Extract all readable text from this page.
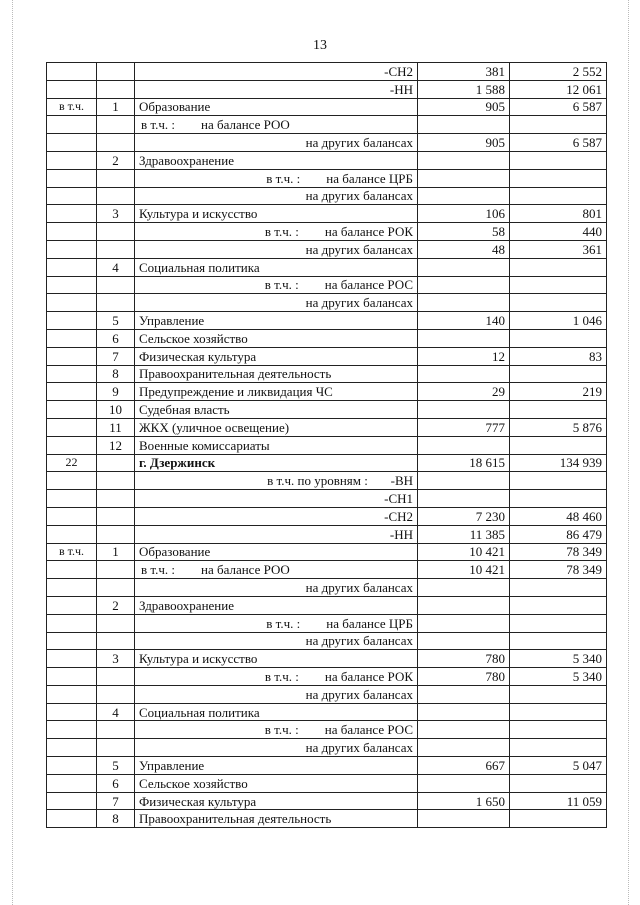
13
		-СН2	381	2 552
		-НН	1 588	12 061
в т.ч.	1	Образование	905	6 587
		в т.ч. :        на балансе РОО		
		на других балансах	905	6 587
	2	Здравоохранение		
		в т.ч. :        на балансе ЦРБ		
		на других балансах		
	3	Культура и искусство	106	801
		в т.ч. :        на балансе РОК	58	440
		на других балансах	48	361
	4	Социальная политика		
		в т.ч. :        на балансе РОС		
		на других балансах		
	5	Управление	140	1 046
	6	Сельское хозяйство		
	7	Физическая культура	12	83
	8	Правоохранительная деятельность		
	9	Предупреждение и ликвидация ЧС	29	219
	10	Судебная власть		
	11	ЖКХ (уличное освещение)	777	5 876
	12	Военные комиссариаты		
22		г. Дзержинск	18 615	134 939
		в т.ч. по уровням :       -ВН		
		-СН1		
		-СН2	7 230	48 460
		-НН	11 385	86 479
в т.ч.	1	Образование	10 421	78 349
		в т.ч. :        на балансе РОО	10 421	78 349
		на других балансах		
	2	Здравоохранение		
		в т.ч. :        на балансе ЦРБ		
		на других балансах		
	3	Культура и искусство	780	5 340
		в т.ч. :        на балансе РОК	780	5 340
		на других балансах		
	4	Социальная политика		
		в т.ч. :        на балансе РОС		
		на других балансах		
	5	Управление	667	5 047
	6	Сельское хозяйство		
	7	Физическая культура	1 650	11 059
	8	Правоохранительная деятельность		
